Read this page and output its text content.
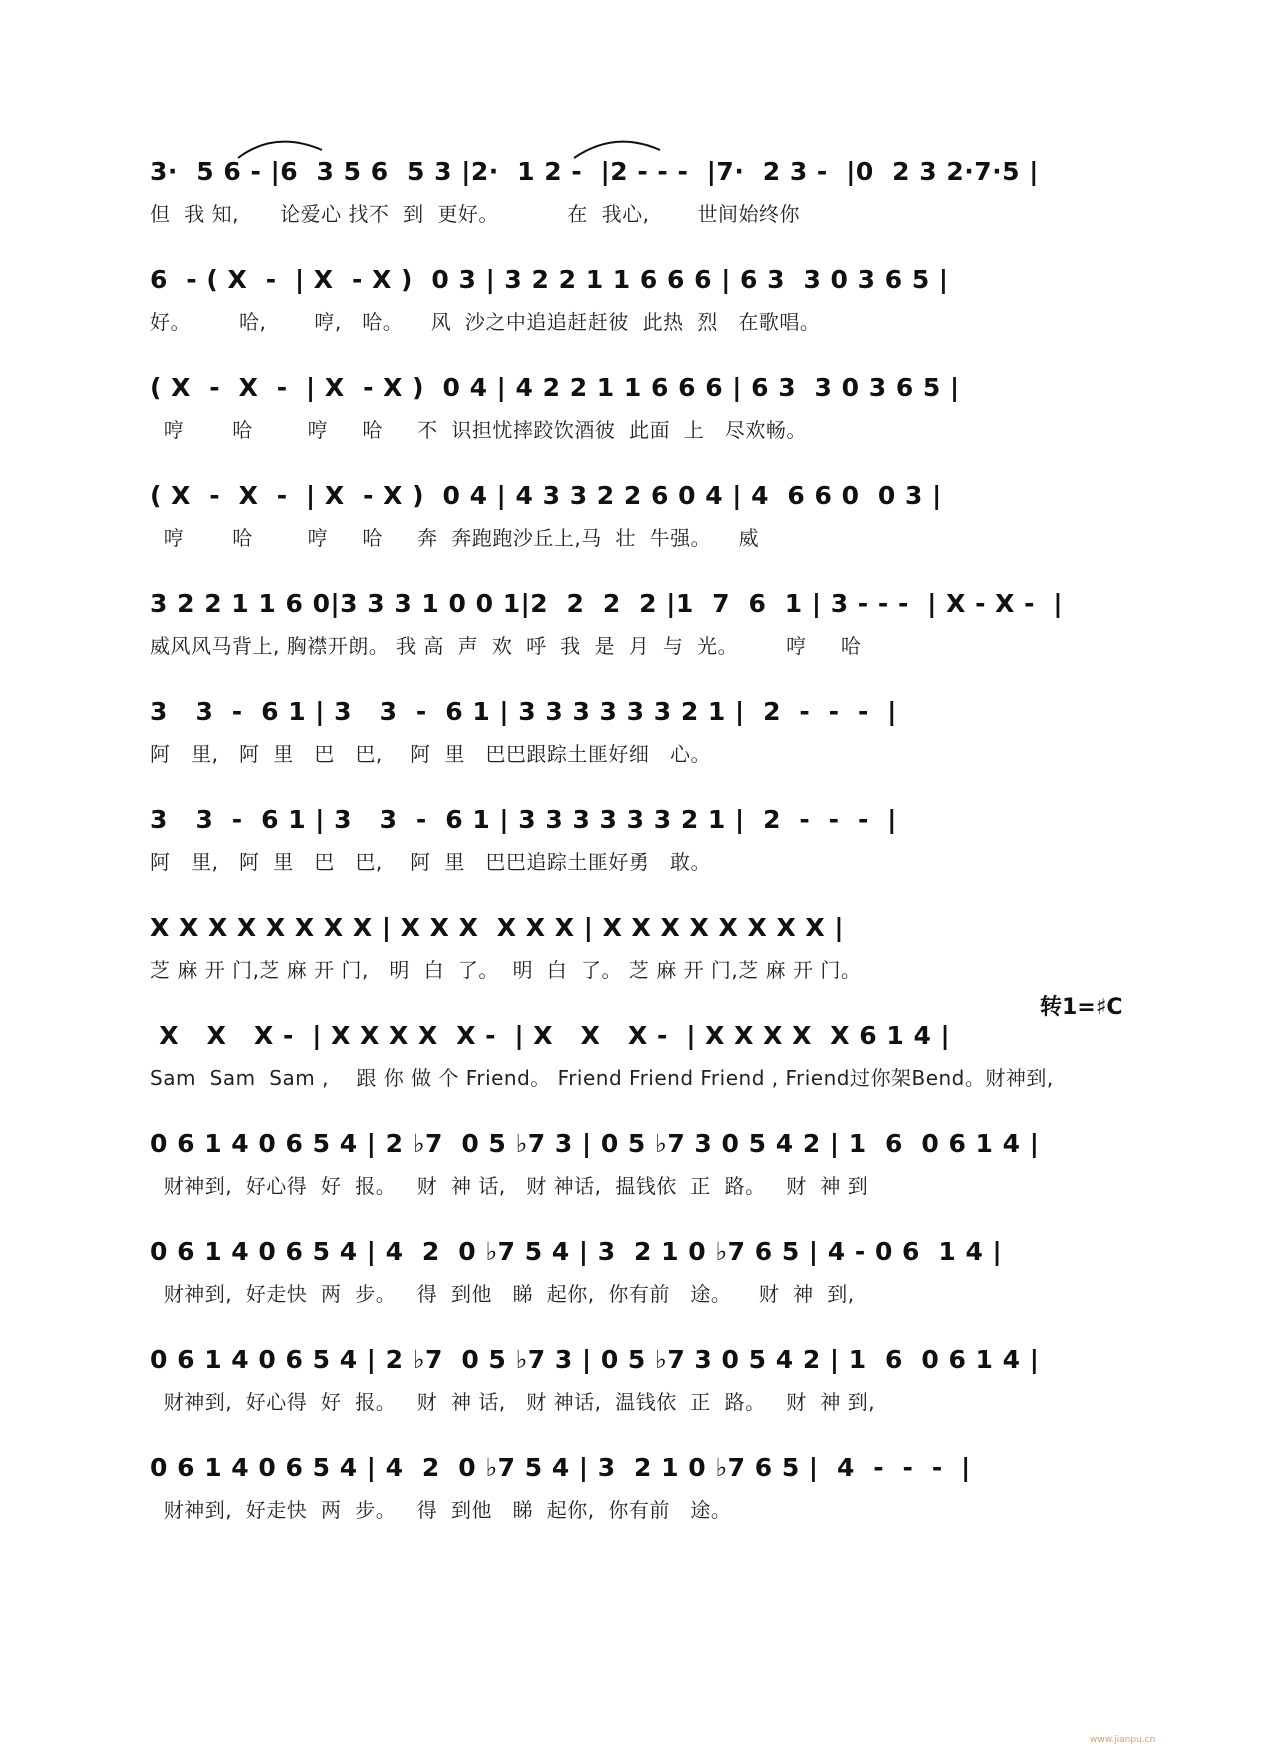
3·  5 6 - |6  3 5 6  5 3 |2·  1 2 -  |2 - - -  |7·  2 3 -  |0  2 3 2·7·5 |
但  我 知,      论爱心 找不  到  更好。          在  我心,       世间始终你
6  - ( X  -  | X  - X )  0 3 | 3 2 2 1 1 6 6 6 | 6 3  3 0 3 6 5 |
好。       哈,       哼,   哈。    风  沙之中追追赶赶彼  此热  烈   在歌唱。
( X  -  X  -  | X  - X )  0 4 | 4 2 2 1 1 6 6 6 | 6 3  3 0 3 6 5 |
哼       哈        哼     哈     不  识担忧摔跤饮酒彼  此面  上   尽欢畅。
( X  -  X  -  | X  - X )  0 4 | 4 3 3 2 2 6 0 4 | 4  6 6 0  0 3 |
哼       哈        哼     哈     奔  奔跑跑沙丘上,马  壮  牛强。    威
3 2 2 1 1 6 0|3 3 3 1 0 0 1|2  2  2  2 |1  7  6  1 | 3 - - -  | X - X -  |
威风风马背上, 胸襟开朗。 我 高  声  欢  呼  我  是  月  与  光。       哼     哈
3   3  -  6 1 | 3   3  -  6 1 | 3 3 3 3 3 3 2 1 |  2  -  -  -  |
阿   里,   阿  里   巴   巴,    阿  里   巴巴跟踪土匪好细   心。
3   3  -  6 1 | 3   3  -  6 1 | 3 3 3 3 3 3 2 1 |  2  -  -  -  |
阿   里,   阿  里   巴   巴,    阿  里   巴巴追踪土匪好勇   敢。
X X X X X X X X | X X X  X X X | X X X X X X X X |
芝 麻 开 门,芝 麻 开 门,   明  白  了。  明  白  了。 芝 麻 开 门,芝 麻 开 门。
转1=♯C
X   X   X -  | X X X X  X -  | X   X   X -  | X X X X  X 6 1 4 |
Sam  Sam  Sam ,    跟 你 做 个 Friend。 Friend Friend Friend , Friend过你架Bend。财神到,
0 6 1 4 0 6 5 4 | 2 ♭7  0 5 ♭7 3 | 0 5 ♭7 3 0 5 4 2 | 1  6  0 6 1 4 |
财神到,  好心得  好  报。   财  神 话,   财 神话,  揾钱依  正  路。   财  神 到
0 6 1 4 0 6 5 4 | 4  2  0 ♭7 5 4 | 3  2 1 0 ♭7 6 5 | 4 - 0 6  1 4 |
财神到,  好走快  两  步。   得  到他   睇  起你,  你有前   途。    财  神  到,
0 6 1 4 0 6 5 4 | 2 ♭7  0 5 ♭7 3 | 0 5 ♭7 3 0 5 4 2 | 1  6  0 6 1 4 |
财神到,  好心得  好  报。   财  神 话,   财 神话,  温钱依  正  路。   财  神 到,
0 6 1 4 0 6 5 4 | 4  2  0 ♭7 5 4 | 3  2 1 0 ♭7 6 5 |  4  -  -  -  |
财神到,  好走快  两  步。   得  到他   睇  起你,  你有前   途。
www.jianpu.cn
